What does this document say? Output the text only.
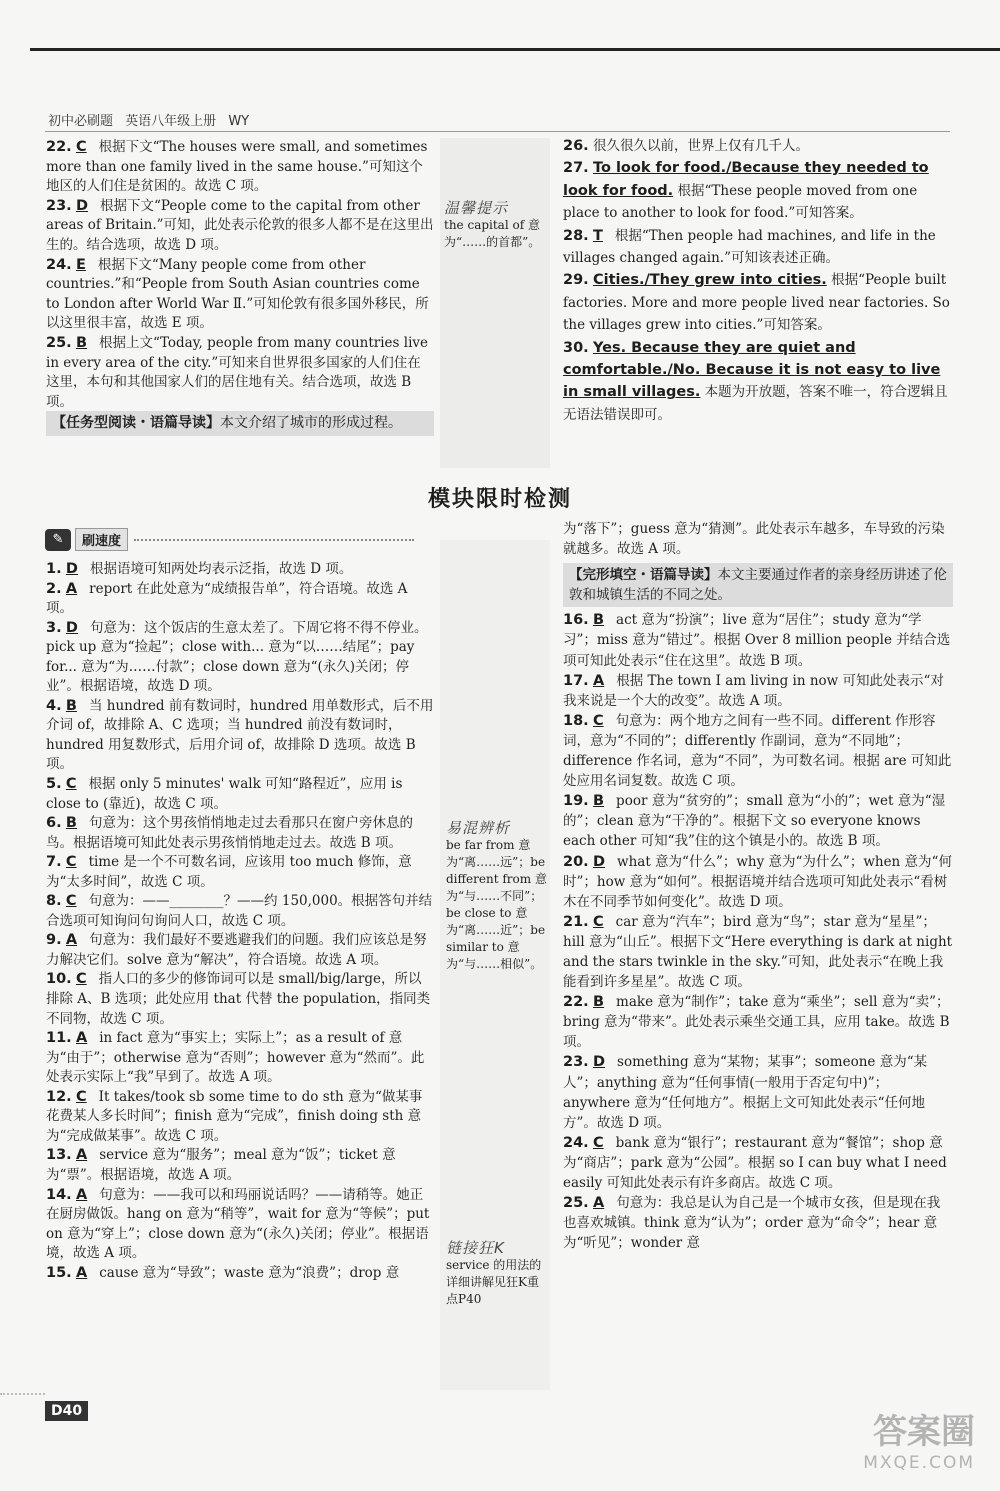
初中必刷题 英语八年级上册 WY

22. C 根据下文“The houses were small, and sometimes more than one family lived in the same house.”可知这个地区的人们住是贫困的。故选 C 项。

23. D 根据下文“People come to the capital from other areas of Britain.”可知，此处表示伦敦的很多人都不是在这里出生的。结合选项，故选 D 项。

24. E 根据下文“Many people come from other countries.”和“People from South Asian countries come to London after World War Ⅱ.”可知伦敦有很多国外移民，所以这里很丰富，故选 E 项。

25. B 根据上文“Today, people from many countries live in every area of the city.”可知来自世界很多国家的人们住在这里，本句和其他国家人们的居住地有关。结合选项，故选 B 项。

【任务型阅读・语篇导读】本文介绍了城市的形成过程。
温馨提示
the capital of 意为“……的首都”。

26. 很久很久以前，世界上仅有几千人。

27. To look for food./Because they needed to look for food. 根据“These people moved from one place to another to look for food.”可知答案。

28. T 根据“Then people had machines, and life in the villages changed again.”可知该表述正确。

29. Cities./They grew into cities. 根据“People built factories. More and more people lived near factories. So the villages grew into cities.”可知答案。

30. Yes. Because they are quiet and comfortable./No. Because it is not easy to live in small villages. 本题为开放题，答案不唯一，符合逻辑且无语法错误即可。

模块限时检测
✎	刷速度

1. D 根据语境可知两处均表示泛指，故选 D 项。

2. A report 在此处意为“成绩报告单”，符合语境。故选 A 项。

3. D 句意为：这个饭店的生意太差了。下周它将不得不停业。pick up 意为“捡起”；close with... 意为“以……结尾”；pay for... 意为“为……付款”；close down 意为“(永久)关闭；停业”。根据语境，故选 D 项。

4. B 当 hundred 前有数词时，hundred 用单数形式，后不用介词 of，故排除 A、C 选项；当 hundred 前没有数词时，hundred 用复数形式，后用介词 of，故排除 D 选项。故选 B 项。

5. C 根据 only 5 minutes' walk 可知“路程近”，应用 is close to (靠近)，故选 C 项。

6. B 句意为：这个男孩悄悄地走过去看那只在窗户旁休息的鸟。根据语境可知此处表示男孩悄悄地走过去。故选 B 项。

7. C time 是一个不可数名词，应该用 too much 修饰，意为“太多时间”，故选 C 项。

8. C 句意为：——________？——约 150,000。根据答句并结合选项可知询问句询问人口，故选 C 项。

9. A 句意为：我们最好不要逃避我们的问题。我们应该总是努力解决它们。solve 意为“解决”，符合语境。故选 A 项。

10. C 指人口的多少的修饰词可以是 small/big/large，所以排除 A、B 选项；此处应用 that 代替 the population，指同类不同物，故选 C 项。

11. A in fact 意为“事实上；实际上”；as a result of 意为“由于”；otherwise 意为“否则”；however 意为“然而”。此处表示实际上“我”早到了。故选 A 项。

12. C It takes/took sb some time to do sth 意为“做某事花费某人多长时间”；finish 意为“完成”，finish doing sth 意为“完成做某事”。故选 C 项。

13. A service 意为“服务”；meal 意为“饭”；ticket 意为“票”。根据语境，故选 A 项。

14. A 句意为：——我可以和玛丽说话吗？——请稍等。她正在厨房做饭。hang on 意为“稍等”，wait for 意为“等候”；put on 意为“穿上”；close down 意为“(永久)关闭；停业”。根据语境，故选 A 项。

15. A cause 意为“导致”；waste 意为“浪费”；drop 意

易混辨析
be far from 意为“离……远”；be different from 意为“与……不同”；be close to 意为“离……近”；be similar to 意为“与……相似”。
链接狂K
service 的用法的详细讲解见狂K重点P40

为“落下”；guess 意为“猜测”。此处表示车越多，车导致的污染就越多。故选 A 项。

【完形填空・语篇导读】本文主要通过作者的亲身经历讲述了伦敦和城镇生活的不同之处。

16. B act 意为“扮演”；live 意为“居住”；study 意为“学习”；miss 意为“错过”。根据 Over 8 million people 并结合选项可知此处表示“住在这里”。故选 B 项。

17. A 根据 The town I am living in now 可知此处表示“对我来说是一个大的改变”。故选 A 项。

18. C 句意为：两个地方之间有一些不同。different 作形容词，意为“不同的”；differently 作副词，意为“不同地”；difference 作名词，意为“不同”，为可数名词。根据 are 可知此处应用名词复数。故选 C 项。

19. B poor 意为“贫穷的”；small 意为“小的”；wet 意为“湿的”；clean 意为“干净的”。根据下文 so everyone knows each other 可知“我”住的这个镇是小的。故选 B 项。

20. D what 意为“什么”；why 意为“为什么”；when 意为“何时”；how 意为“如何”。根据语境并结合选项可知此处表示“看树木在不同季节如何变化”。故选 D 项。

21. C car 意为“汽车”；bird 意为“鸟”；star 意为“星星”；hill 意为“山丘”。根据下文“Here everything is dark at night and the stars twinkle in the sky.”可知，此处表示“在晚上我能看到许多星星”。故选 C 项。

22. B make 意为“制作”；take 意为“乘坐”；sell 意为“卖”；bring 意为“带来”。此处表示乘坐交通工具，应用 take。故选 B 项。

23. D something 意为“某物；某事”；someone 意为“某人”；anything 意为“任何事情(一般用于否定句中)”；anywhere 意为“任何地方”。根据上文可知此处表示“任何地方”。故选 D 项。

24. C bank 意为“银行”；restaurant 意为“餐馆”；shop 意为“商店”；park 意为“公园”。根据 so I can buy what I need easily 可知此处表示有许多商店。故选 C 项。

25. A 句意为：我总是认为自己是一个城市女孩，但是现在我也喜欢城镇。think 意为“认为”；order 意为“命令”；hear 意为“听见”；wonder 意

D40
答案圈
MXQE.COM
